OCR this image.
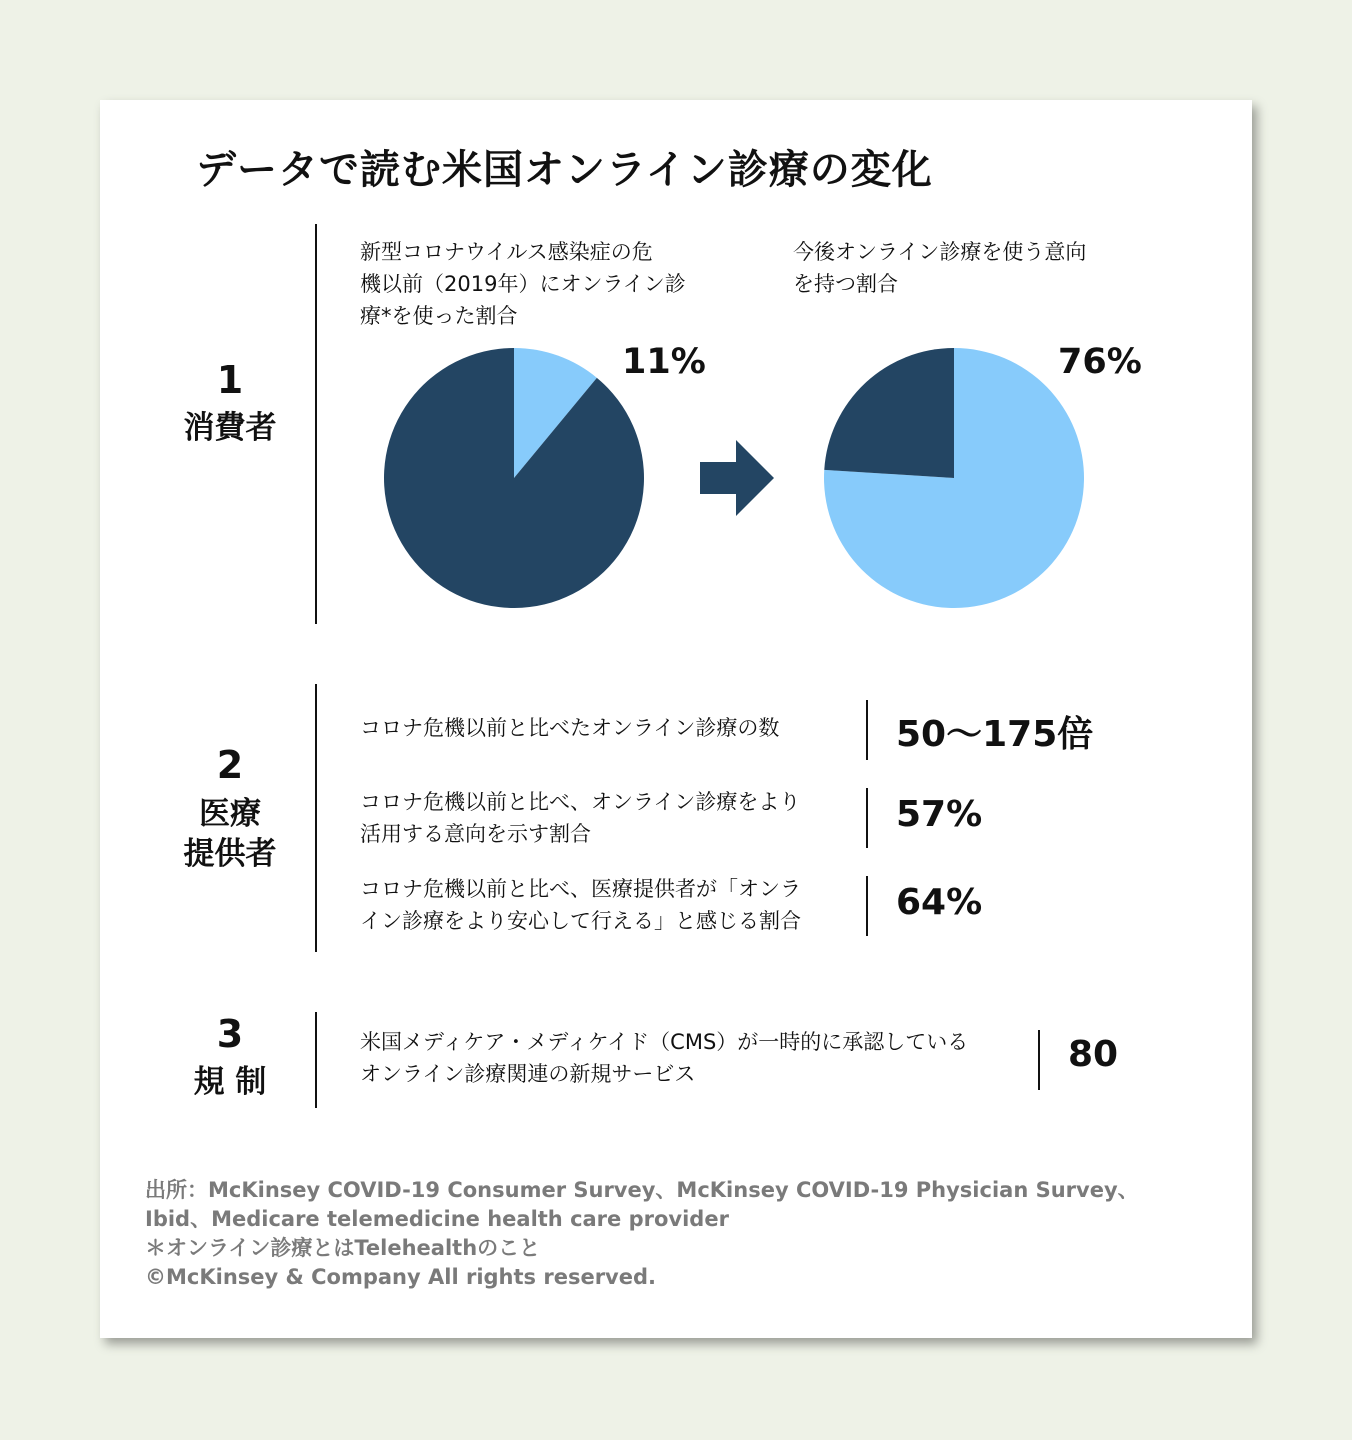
データで読む米国オンライン診療の変化
1
消費者
新型コロナウイルス感染症の危
機以前（2019年）にオンライン診
療*を使った割合
今後オンライン診療を使う意向
を持つ割合
11%	76%
2
医療
提供者
コロナ危機以前と比べたオンライン診療の数	50〜175倍
コロナ危機以前と比べ、オンライン診療をより
活用する意向を示す割合	57%
コロナ危機以前と比べ、医療提供者が「オンラ
イン診療をより安心して行える」と感じる割合	64%
3
規 制
米国メディケア・メディケイド（CMS）が一時的に承認している
オンライン診療関連の新規サービス	80
出所：McKinsey COVID-19 Consumer Survey、McKinsey COVID-19 Physician Survey、
Ibid、Medicare telemedicine health care provider
＊オンライン診療とはTelehealthのこと
©McKinsey & Company All rights reserved.
